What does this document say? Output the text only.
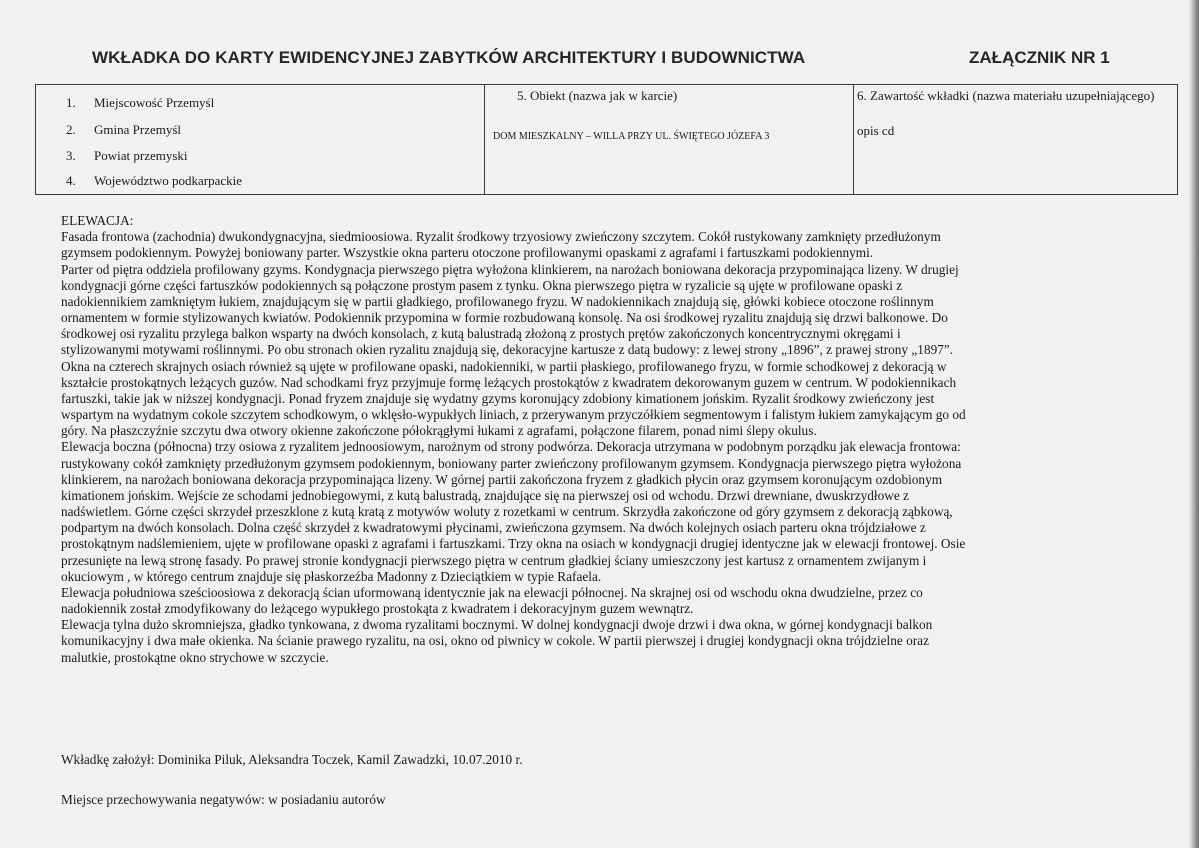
WKŁADKA DO KARTY EWIDENCYJNEJ ZABYTKÓW ARCHITEKTURY I BUDOWNICTWA	ZAŁĄCZNIK NR 1
1. Miejscowość Przemyśl
2. Gmina Przemyśl
3. Powiat przemyski
4. Województwo podkarpackie
5. Obiekt (nazwa jak w karcie)
DOM MIESZKALNY – WILLA PRZY UL. ŚWIĘTEGO JÓZEFA 3
6. Zawartość wkładki (nazwa materiału uzupełniającego)
opis cd

ELEWACJA:

Fasada frontowa (zachodnia) dwukondygnacyjna, siedmioosiowa. Ryzalit środkowy trzyosiowy zwieńczony szczytem. Cokół rustykowany zamknięty przedłużonym

gzymsem podokiennym. Powyżej boniowany parter. Wszystkie okna parteru otoczone profilowanymi opaskami z agrafami i fartuszkami podokiennymi.

Parter od piętra oddziela profilowany gzyms. Kondygnacja pierwszego piętra wyłożona klinkierem, na narożach boniowana dekoracja przypominająca lizeny. W drugiej

kondygnacji górne części fartuszków podokiennych są połączone prostym pasem z tynku. Okna pierwszego piętra w ryzalicie są ujęte w profilowane opaski z

nadokiennikiem zamkniętym łukiem, znajdującym się w partii gładkiego, profilowanego fryzu. W nadokiennikach znajdują się, główki kobiece otoczone roślinnym

ornamentem w formie stylizowanych kwiatów. Podokiennik przypomina w formie rozbudowaną konsolę. Na osi środkowej ryzalitu znajdują się drzwi balkonowe. Do

środkowej osi ryzalitu przylega balkon wsparty na dwóch konsolach, z kutą balustradą złożoną z prostych prętów zakończonych koncentrycznymi okręgami i

stylizowanymi motywami roślinnymi. Po obu stronach okien ryzalitu znajdują się, dekoracyjne kartusze z datą budowy: z lewej strony „1896”, z prawej strony „1897”.

Okna na czterech skrajnych osiach również są ujęte w profilowane opaski, nadokienniki, w partii płaskiego, profilowanego fryzu, w formie schodkowej z dekoracją w

kształcie prostokątnych leżących guzów. Nad schodkami fryz przyjmuje formę leżących prostokątów z kwadratem dekorowanym guzem w centrum. W podokiennikach

fartuszki, takie jak w niższej kondygnacji. Ponad fryzem znajduje się wydatny gzyms koronujący zdobiony kimationem jońskim. Ryzalit środkowy zwieńczony jest

wspartym na wydatnym cokole szczytem schodkowym, o wklęsło-wypukłych liniach, z przerywanym przyczółkiem segmentowym i falistym łukiem zamykającym go od

góry. Na płaszczyźnie szczytu dwa otwory okienne zakończone półokrągłymi łukami z agrafami, połączone filarem, ponad nimi ślepy okulus.

Elewacja boczna (północna) trzy osiowa z ryzalitem jednoosiowym, narożnym od strony podwórza. Dekoracja utrzymana w podobnym porządku jak elewacja frontowa:

rustykowany cokół zamknięty przedłużonym gzymsem podokiennym, boniowany parter zwieńczony profilowanym gzymsem. Kondygnacja pierwszego piętra wyłożona

klinkierem, na narożach boniowana dekoracja przypominająca lizeny. W górnej partii zakończona fryzem z gładkich płycin oraz gzymsem koronującym ozdobionym

kimationem jońskim. Wejście ze schodami jednobiegowymi, z kutą balustradą, znajdujące się na pierwszej osi od wchodu. Drzwi drewniane, dwuskrzydłowe z

nadświetlem. Górne części skrzydeł przeszklone z kutą kratą z motywów woluty z rozetkami w centrum. Skrzydła zakończone od góry gzymsem z dekoracją ząbkową,

podpartym na dwóch konsolach. Dolna część skrzydeł z kwadratowymi płycinami, zwieńczona gzymsem. Na dwóch kolejnych osiach parteru okna trójdziałowe z

prostokątnym nadślemieniem, ujęte w profilowane opaski z agrafami i fartuszkami. Trzy okna na osiach w kondygnacji drugiej identyczne jak w elewacji frontowej. Osie

przesunięte na lewą stronę fasady. Po prawej stronie kondygnacji pierwszego piętra w centrum gładkiej ściany umieszczony jest kartusz z ornamentem zwijanym i

okuciowym , w którego centrum znajduje się płaskorzeźba Madonny z Dzieciątkiem w typie Rafaela.

Elewacja południowa sześcioosiowa z dekoracją ścian uformowaną identycznie jak na elewacji północnej. Na skrajnej osi od wschodu okna dwudzielne, przez co

nadokiennik został zmodyfikowany do leżącego wypukłego prostokąta z kwadratem i dekoracyjnym guzem wewnątrz.

Elewacja tylna dużo skromniejsza, gładko tynkowana, z dwoma ryzalitami bocznymi. W dolnej kondygnacji dwoje drzwi i dwa okna, w górnej kondygnacji balkon

komunikacyjny i dwa małe okienka. Na ścianie prawego ryzalitu, na osi, okno od piwnicy w cokole. W partii pierwszej i drugiej kondygnacji okna trójdzielne oraz

malutkie, prostokątne okno strychowe w szczycie.

Wkładkę założył: Dominika Piluk, Aleksandra Toczek, Kamil Zawadzki, 10.07.2010 r.
Miejsce przechowywania negatywów: w posiadaniu autorów
